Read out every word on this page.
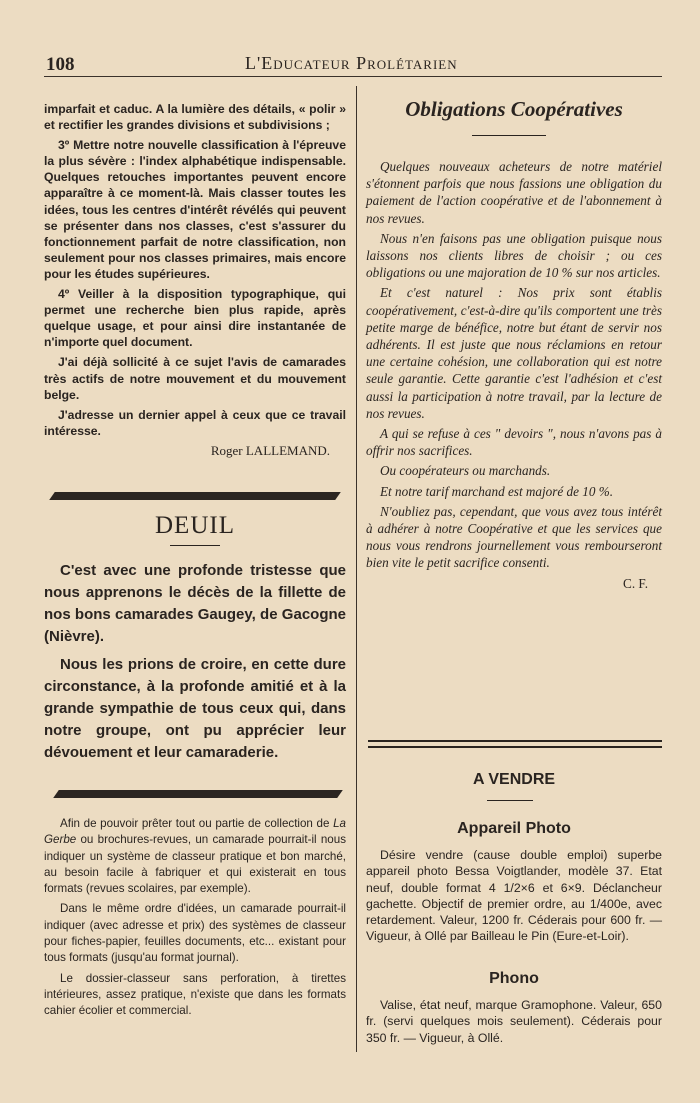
108	L'Educateur Prolétarien

imparfait et caduc. A la lumière des détails, « polir » et rectifier les grandes divisions et subdivisions ;

3º Mettre notre nouvelle classification à l'épreuve la plus sévère : l'index alphabétique indispensable. Quelques retouches importantes peuvent encore apparaître à ce moment-là. Mais classer toutes les idées, tous les centres d'intérêt révélés qui peuvent se présenter dans nos classes, c'est s'assurer du fonctionnement parfait de notre classification, non seulement pour nos classes primaires, mais encore pour les études supérieures.

4º Veiller à la disposition typographique, qui permet une recherche bien plus rapide, après quelque usage, et pour ainsi dire instantanée de n'importe quel document.

J'ai déjà sollicité à ce sujet l'avis de camarades très actifs de notre mouvement et du mouvement belge.

J'adresse un dernier appel à ceux que ce travail intéresse.

Roger LALLEMAND.
DEUIL

C'est avec une profonde tristesse que nous apprenons le décès de la fillette de nos bons camarades Gaugey, de Gacogne (Nièvre).

Nous les prions de croire, en cette dure circonstance, à la profonde amitié et à la grande sympathie de tous ceux qui, dans notre groupe, ont pu apprécier leur dévouement et leur camaraderie.

Afin de pouvoir prêter tout ou partie de collection de La Gerbe ou brochures-revues, un camarade pourrait-il nous indiquer un système de classeur pratique et bon marché, au besoin facile à fabriquer et qui existerait en tous formats (revues scolaires, par exemple).

Dans le même ordre d'idées, un camarade pourrait-il indiquer (avec adresse et prix) des systèmes de classeur pour fiches-papier, feuilles documents, etc... existant pour tous formats (jusqu'au format journal).

Le dossier-classeur sans perforation, à tirettes intérieures, assez pratique, n'existe que dans les formats cahier écolier et commercial.

Obligations Coopératives

Quelques nouveaux acheteurs de notre matériel s'étonnent parfois que nous fassions une obligation du paiement de l'action coopérative et de l'abonnement à nos revues.

Nous n'en faisons pas une obligation puisque nous laissons nos clients libres de choisir ; ou ces obligations ou une majoration de 10 % sur nos articles.

Et c'est naturel : Nos prix sont établis coopérativement, c'est-à-dire qu'ils comportent une très petite marge de bénéfice, notre but étant de servir nos adhérents. Il est juste que nous réclamions en retour une certaine cohésion, une collaboration qui est notre seule garantie. Cette garantie c'est l'adhésion et c'est aussi la participation à notre travail, par la lecture de nos revues.

A qui se refuse à ces " devoirs ", nous n'avons pas à offrir nos sacrifices.

Ou coopérateurs ou marchands.

Et notre tarif marchand est majoré de 10 %.

N'oubliez pas, cependant, que vous avez tous intérêt à adhérer à notre Coopérative et que les services que nous vous rendrons journellement vous rembourseront bien vite le petit sacrifice consenti.

C. F.
A VENDRE
Appareil Photo

Désire vendre (cause double emploi) superbe appareil photo Bessa Voigtlander, modèle 37. Etat neuf, double format 4 1/2×6 et 6×9. Déclancheur gachette. Objectif de premier ordre, au 1/400e, avec retardement. Valeur, 1200 fr. Céderais pour 600 fr. — Vigueur, à Ollé par Bailleau le Pin (Eure-et-Loir).

Phono

Valise, état neuf, marque Gramophone. Valeur, 650 fr. (servi quelques mois seulement). Céderais pour 350 fr. — Vigueur, à Ollé.
